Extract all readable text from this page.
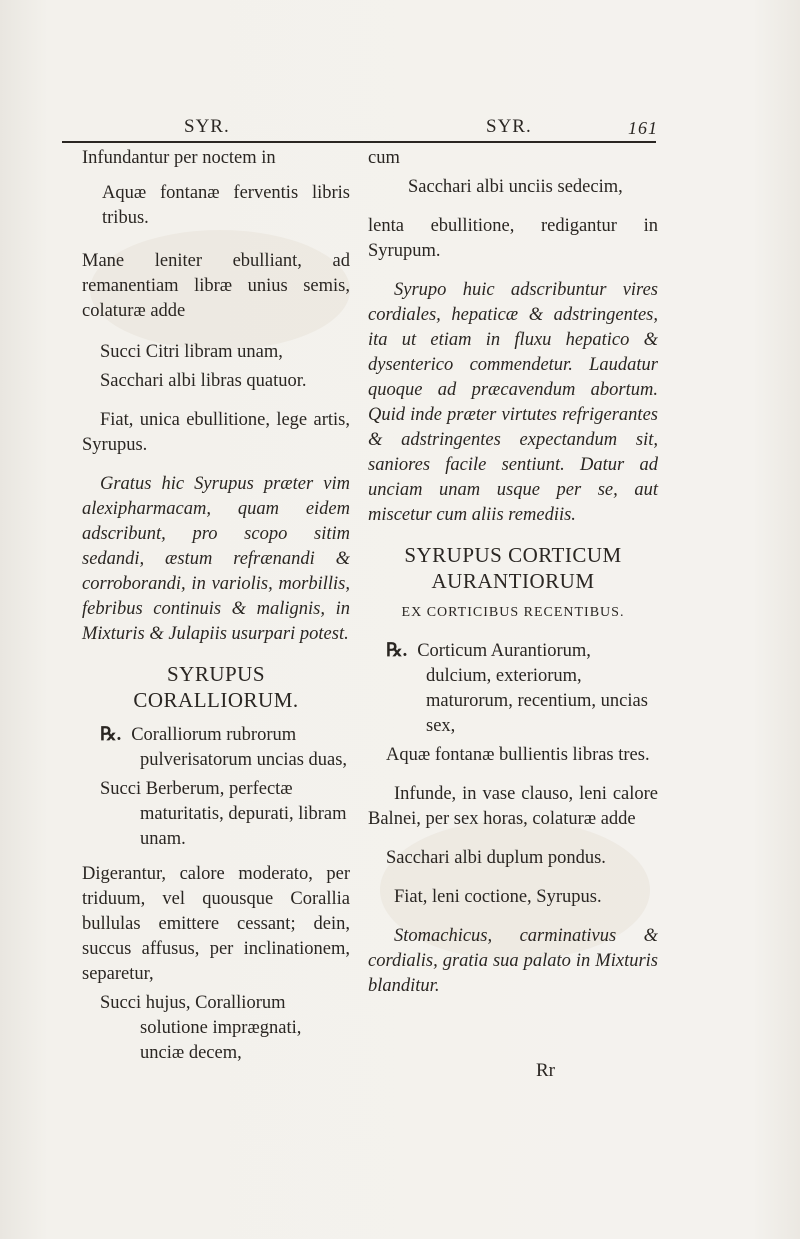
SYR.	SYR.	161

Infundantur per noctem in

Aquæ fontanæ ferventis libris tribus.

Mane leniter ebulliant, ad remanentiam libræ unius semis, colaturæ adde

Succi Citri libram unam,

Sacchari albi libras quatuor.

Fiat, unica ebullitione, lege artis, Syrupus.

Gratus hic Syrupus præter vim alexipharmacam, quam eidem adscribunt, pro scopo sitim sedandi, æstum refrænandi & corroborandi, in variolis, morbillis, febribus continuis & malignis, in Mixturis & Julapiis usurpari potest.

SYRUPUS CORALLIORUM.

℞. Coralliorum rubrorum pulverisatorum uncias duas,

Succi Berberum, perfectæ maturitatis, depurati, libram unam.

Digerantur, calore moderato, per triduum, vel quousque Corallia bullulas emittere cessant; dein, succus affusus, per inclinationem, separetur,

Succi hujus, Coralliorum solutione imprægnati, unciæ decem,

cum

Sacchari albi unciis sedecim,

lenta ebullitione, redigantur in Syrupum.

Syrupo huic adscribuntur vires cordiales, hepaticæ & adstringentes, ita ut etiam in fluxu hepatico & dysenterico commendetur. Laudatur quoque ad præcavendum abortum. Quid inde præter virtutes refrigerantes & adstringentes expectandum sit, saniores facile sentiunt. Datur ad unciam unam usque per se, aut miscetur cum aliis remediis.

SYRUPUS CORTICUM AURANTIORUM

EX CORTICIBUS RECENTIBUS.

℞. Corticum Aurantiorum, dulcium, exteriorum, maturorum, recentium, uncias sex,

Aquæ fontanæ bullientis libras tres.

Infunde, in vase clauso, leni calore Balnei, per sex horas, colaturæ adde

Sacchari albi duplum pondus.

Fiat, leni coctione, Syrupus.

Stomachicus, carminativus & cordialis, gratia sua palato in Mixturis blanditur.

Rr
